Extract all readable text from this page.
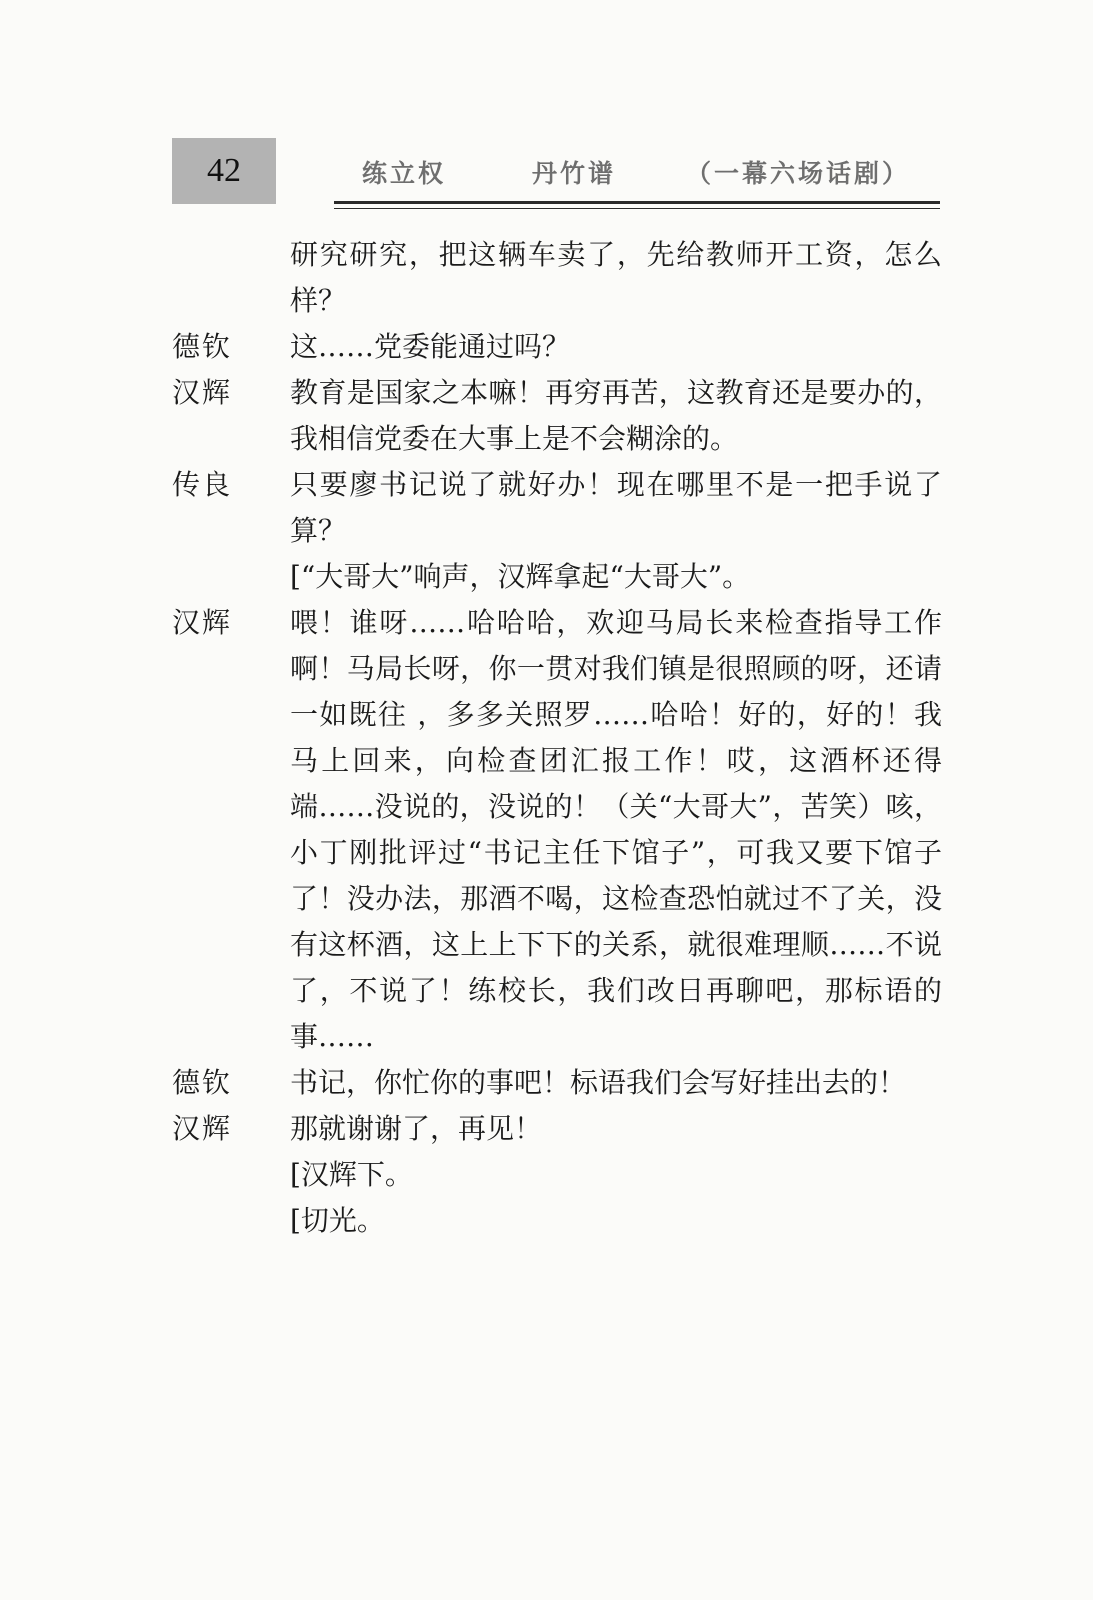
42	练立权	丹竹谱	（一幕六场话剧）
研究研究，把这辆车卖了，先给教师开工资，怎么样？
德钦 这……党委能通过吗？
汉辉 教育是国家之本嘛！再穷再苦，这教育还是要办的，我相信党委在大事上是不会糊涂的。
传良 只要廖书记说了就好办！现在哪里不是一把手说了算？
[“大哥大”响声，汉辉拿起“大哥大”。
汉辉 喂！谁呀……哈哈哈，欢迎马局长来检查指导工作啊！马局长呀，你一贯对我们镇是很照顾的呀，还请一如既往 ，多多关照罗……哈哈！好的，好的！我马上回来，向检查团汇报工作！哎，这酒杯还得端……没说的，没说的！（关“大哥大”，苦笑）咳，小丁刚批评过“书记主任下馆子”，可我又要下馆子了！没办法，那酒不喝，这检查恐怕就过不了关，没有这杯酒，这上上下下的关系，就很难理顺……不说了，不说了！练校长，我们改日再聊吧，那标语的事……
德钦 书记，你忙你的事吧！标语我们会写好挂出去的！
汉辉 那就谢谢了，再见！
[汉辉下。
[切光。
